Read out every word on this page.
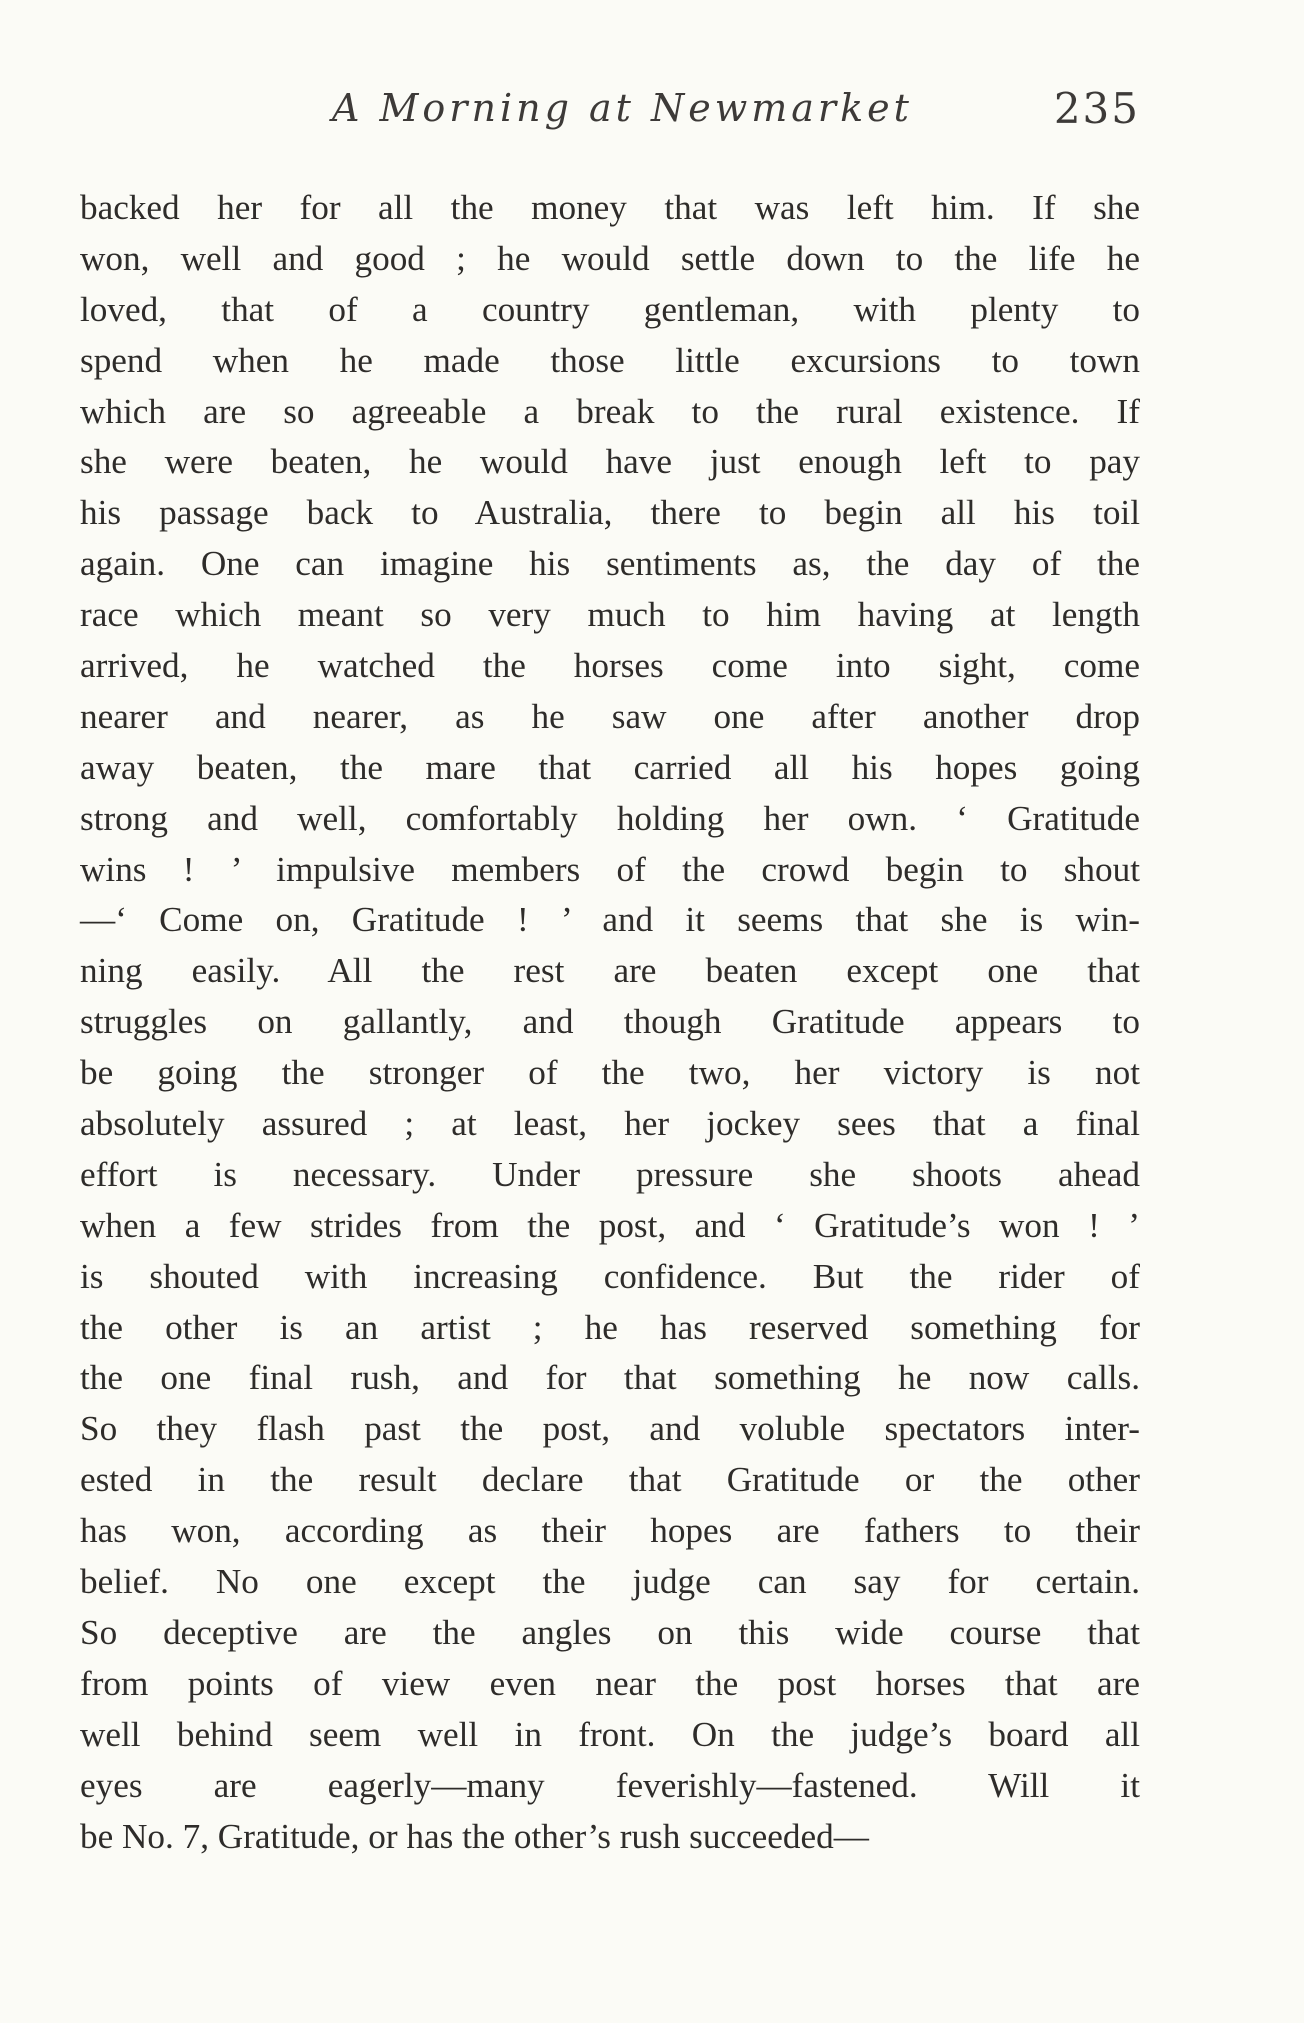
A Morning at Newmarket	235
backed her for all the money that was left him. If she
won, well and good ; he would settle down to the life he
loved, that of a country gentleman, with plenty to
spend when he made those little excursions to town
which are so agreeable a break to the rural existence. If
she were beaten, he would have just enough left to pay
his passage back to Australia, there to begin all his toil
again. One can imagine his sentiments as, the day of the
race which meant so very much to him having at length
arrived, he watched the horses come into sight, come
nearer and nearer, as he saw one after another drop
away beaten, the mare that carried all his hopes going
strong and well, comfortably holding her own. ‘ Gratitude
wins ! ’ impulsive members of the crowd begin to shout
—‘ Come on, Gratitude ! ’ and it seems that she is win-
ning easily. All the rest are beaten except one that
struggles on gallantly, and though Gratitude appears to
be going the stronger of the two, her victory is not
absolutely assured ; at least, her jockey sees that a final
effort is necessary. Under pressure she shoots ahead
when a few strides from the post, and ‘ Gratitude’s won ! ’
is shouted with increasing confidence. But the rider of
the other is an artist ; he has reserved something for
the one final rush, and for that something he now calls.
So they flash past the post, and voluble spectators inter-
ested in the result declare that Gratitude or the other
has won, according as their hopes are fathers to their
belief. No one except the judge can say for certain.
So deceptive are the angles on this wide course that
from points of view even near the post horses that are
well behind seem well in front. On the judge’s board all
eyes are eagerly—many feverishly—fastened. Will it
be No. 7, Gratitude, or has the other’s rush succeeded—
